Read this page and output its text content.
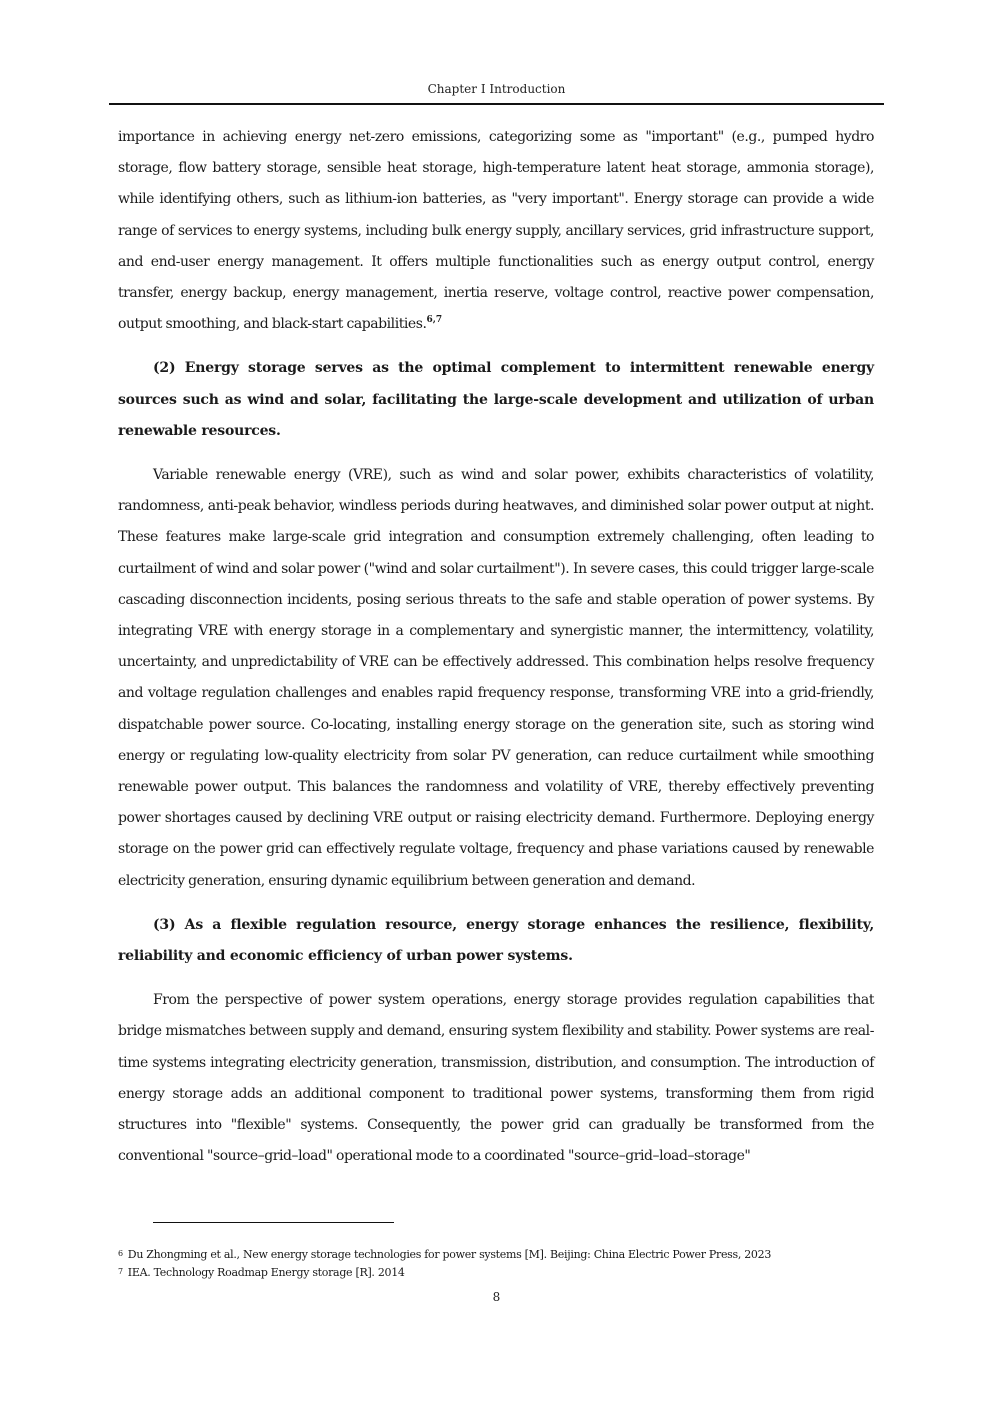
Chapter I Introduction

importance in achieving energy net-zero emissions, categorizing some as "important" (e.g., pumped hydro storage, flow battery storage, sensible heat storage, high-temperature latent heat storage, ammonia storage), while identifying others, such as lithium-ion batteries, as "very important". Energy storage can provide a wide range of services to energy systems, including bulk energy supply, ancillary services, grid infrastructure support, and end-user energy management. It offers multiple functionalities such as energy output control, energy transfer, energy backup, energy management, inertia reserve, voltage control, reactive power compensation, output smoothing, and black-start capabilities.$^{6,7}$

(2) Energy storage serves as the optimal complement to intermittent renewable energy sources such as wind and solar, facilitating the large-scale development and utilization of urban renewable resources.

Variable renewable energy (VRE), such as wind and solar power, exhibits characteristics of volatility, randomness, anti-peak behavior, windless periods during heatwaves, and diminished solar power output at night. These features make large-scale grid integration and consumption extremely challenging, often leading to curtailment of wind and solar power ("wind and solar curtailment"). In severe cases, this could trigger large-scale cascading disconnection incidents, posing serious threats to the safe and stable operation of power systems. By integrating VRE with energy storage in a complementary and synergistic manner, the intermittency, volatility, uncertainty, and unpredictability of VRE can be effectively addressed. This combination helps resolve frequency and voltage regulation challenges and enables rapid frequency response, transforming VRE into a grid-friendly, dispatchable power source. Co-locating, installing energy storage on the generation site, such as storing wind energy or regulating low-quality electricity from solar PV generation, can reduce curtailment while smoothing renewable power output. This balances the randomness and volatility of VRE, thereby effectively preventing power shortages caused by declining VRE output or raising electricity demand. Furthermore. Deploying energy storage on the power grid can effectively regulate voltage, frequency and phase variations caused by renewable electricity generation, ensuring dynamic equilibrium between generation and demand.

(3) As a flexible regulation resource, energy storage enhances the resilience, flexibility, reliability and economic efficiency of urban power systems.

From the perspective of power system operations, energy storage provides regulation capabilities that bridge mismatches between supply and demand, ensuring system flexibility and stability. Power systems are real-time systems integrating electricity generation, transmission, distribution, and consumption. The introduction of energy storage adds an additional component to traditional power systems, transforming them from rigid structures into "flexible" systems. Consequently, the power grid can gradually be transformed from the conventional "source–grid–load" operational mode to a coordinated "source–grid–load–storage"

6 Du Zhongming et al., New energy storage technologies for power systems [M]. Beijing: China Electric Power Press, 2023

7 IEA. Technology Roadmap Energy storage [R]. 2014

8
